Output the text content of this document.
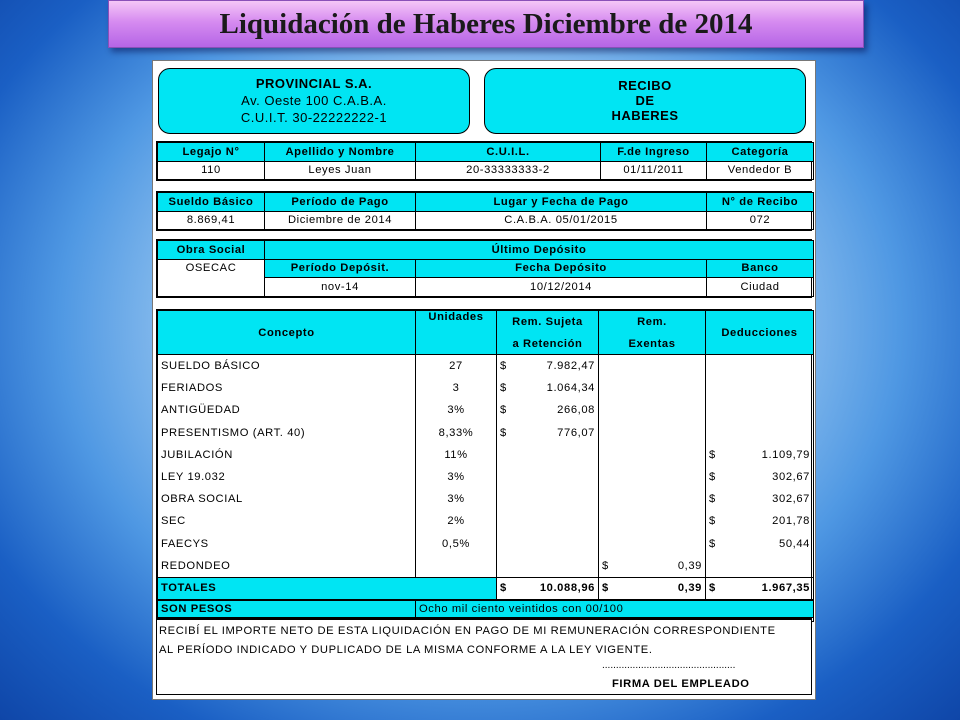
Liquidación de Haberes Diciembre de 2014
PROVINCIAL S.A.
Av. Oeste 100 C.A.B.A.
C.U.I.T. 30-22222222-1
RECIBO
DE
HABERES
Legajo N°	Apellido y Nombre	C.U.I.L.	F.de Ingreso	Categoría
110	Leyes Juan	20-33333333-2	01/11/2011	Vendedor B
Sueldo Básico	Período de Pago	Lugar y Fecha de Pago	N° de Recibo
8.869,41	Diciembre de 2014	C.A.B.A. 05/01/2015	072
Obra Social	Último Depósito		
OSECAC	Período Depósit.	Fecha Depósito	Banco
	nov-14	10/12/2014	Ciudad
Concepto	Unidades	Rem. Sujeta	Rem.	Deducciones
		a Retención	Exentas	
SUELDO BÁSICO	27	$ 7.982,47		

FERIADOS	3	$ 1.064,34		

ANTIGÜEDAD	3%	$ 266,08		

PRESENTISMO (ART. 40)	8,33%	$ 776,07		

JUBILACIÓN	11%			$ 1.109,79

LEY 19.032	3%			$ 302,67

OBRA SOCIAL	3%			$ 302,67

SEC	2%			$ 201,78

FAECYS	0,5%			$ 50,44

REDONDEO			$ 0,39	

TOTALES		$ 10.088,96	$ 0,39	$ 1.967,35

SON PESOS	Ocho mil ciento veintidos con 00/100
RECIBÍ EL IMPORTE NETO DE ESTA LIQUIDACIÓN EN PAGO DE MI REMUNERACIÓN CORRESPONDIENTE
AL PERÍODO INDICADO Y DUPLICADO DE LA MISMA CONFORME A LA LEY VIGENTE.
................................................
FIRMA DEL EMPLEADO
